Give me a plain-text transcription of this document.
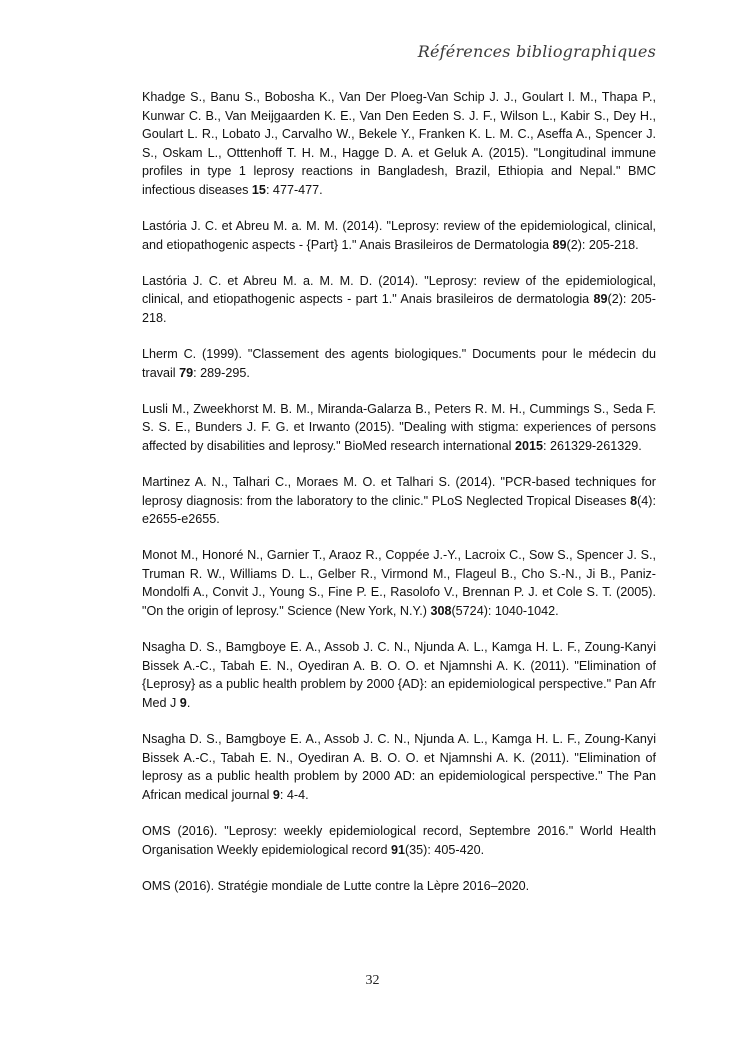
Références bibliographiques

Khadge S., Banu S., Bobosha K., Van Der Ploeg-Van Schip J. J., Goulart I. M., Thapa P., Kunwar C. B., Van Meijgaarden K. E., Van Den Eeden S. J. F., Wilson L., Kabir S., Dey H., Goulart L. R., Lobato J., Carvalho W., Bekele Y., Franken K. L. M. C., Aseffa A., Spencer J. S., Oskam L., Otttenhoff T. H. M., Hagge D. A. et Geluk A. (2015). "Longitudinal immune profiles in type 1 leprosy reactions in Bangladesh, Brazil, Ethiopia and Nepal." BMC infectious diseases 15: 477-477.

Lastória J. C. et Abreu M. a. M. M. (2014). "Leprosy: review of the epidemiological, clinical, and etiopathogenic aspects - {Part} 1." Anais Brasileiros de Dermatologia 89(2): 205-218.

Lastória J. C. et Abreu M. a. M. M. D. (2014). "Leprosy: review of the epidemiological, clinical, and etiopathogenic aspects - part 1." Anais brasileiros de dermatologia 89(2): 205-218.

Lherm C. (1999). "Classement des agents biologiques." Documents pour le médecin du travail 79: 289-295.

Lusli M., Zweekhorst M. B. M., Miranda-Galarza B., Peters R. M. H., Cummings S., Seda F. S. S. E., Bunders J. F. G. et Irwanto (2015). "Dealing with stigma: experiences of persons affected by disabilities and leprosy." BioMed research international 2015: 261329-261329.

Martinez A. N., Talhari C., Moraes M. O. et Talhari S. (2014). "PCR-based techniques for leprosy diagnosis: from the laboratory to the clinic." PLoS Neglected Tropical Diseases 8(4): e2655-e2655.

Monot M., Honoré N., Garnier T., Araoz R., Coppée J.-Y., Lacroix C., Sow S., Spencer J. S., Truman R. W., Williams D. L., Gelber R., Virmond M., Flageul B., Cho S.-N., Ji B., Paniz-Mondolfi A., Convit J., Young S., Fine P. E., Rasolofo V., Brennan P. J. et Cole S. T. (2005). "On the origin of leprosy." Science (New York, N.Y.) 308(5724): 1040-1042.

Nsagha D. S., Bamgboye E. A., Assob J. C. N., Njunda A. L., Kamga H. L. F., Zoung-Kanyi Bissek A.-C., Tabah E. N., Oyediran A. B. O. O. et Njamnshi A. K. (2011). "Elimination of {Leprosy} as a public health problem by 2000 {AD}: an epidemiological perspective." Pan Afr Med J 9.

Nsagha D. S., Bamgboye E. A., Assob J. C. N., Njunda A. L., Kamga H. L. F., Zoung-Kanyi Bissek A.-C., Tabah E. N., Oyediran A. B. O. O. et Njamnshi A. K. (2011). "Elimination of leprosy as a public health problem by 2000 AD: an epidemiological perspective." The Pan African medical journal 9: 4-4.

OMS (2016). "Leprosy: weekly epidemiological record, Septembre 2016." World Health Organisation Weekly epidemiological record 91(35): 405-420.

OMS (2016). Stratégie mondiale de Lutte contre la Lèpre 2016–2020.

32
